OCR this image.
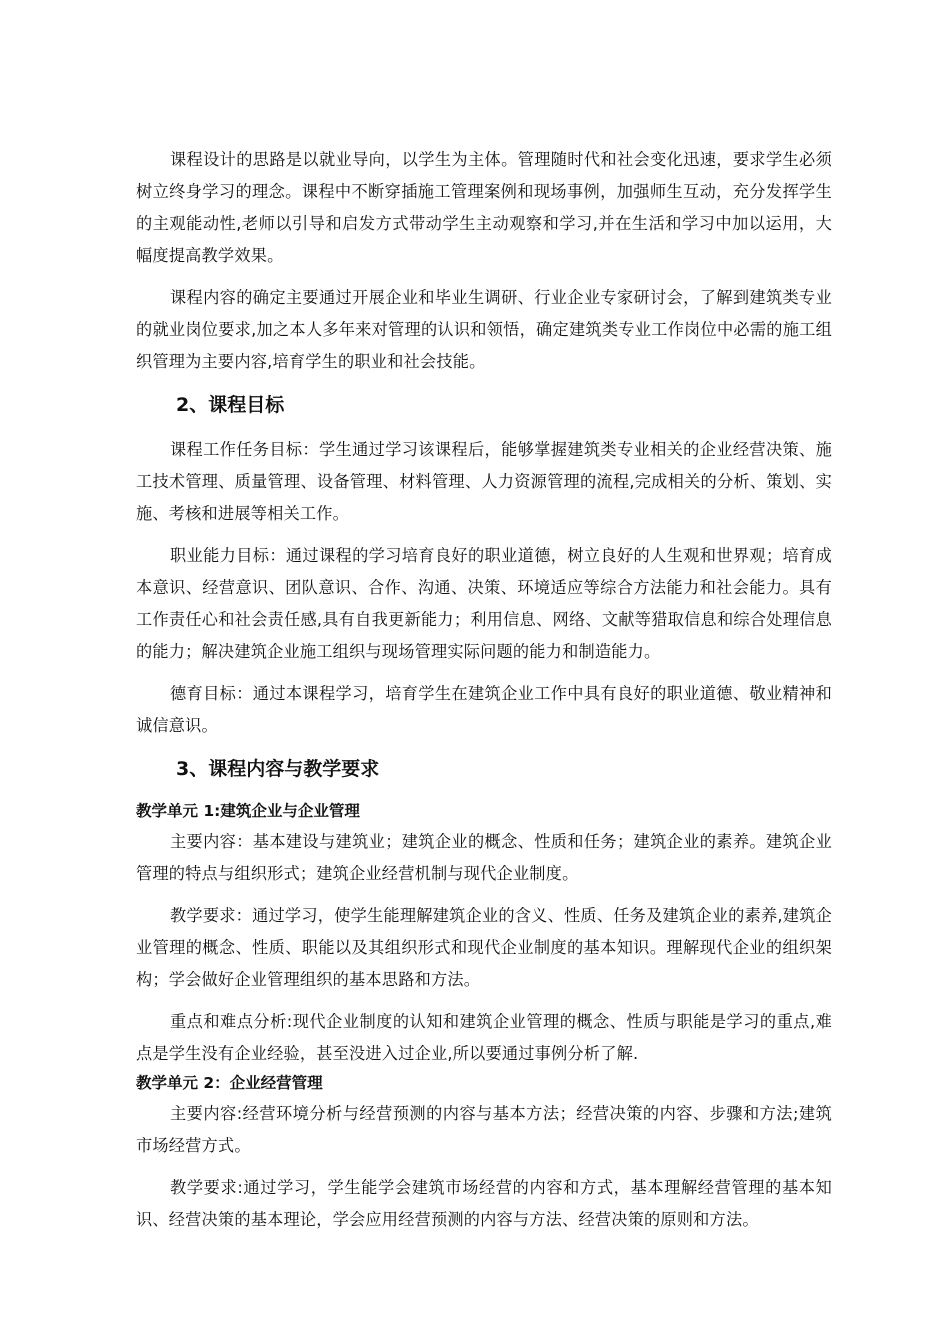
课程设计的思路是以就业导向，以学生为主体。管理随时代和社会变化迅速，要求学生必须树立终身学习的理念。课程中不断穿插施工管理案例和现场事例，加强师生互动，充分发挥学生的主观能动性,老师以引导和启发方式带动学生主动观察和学习,并在生活和学习中加以运用，大幅度提高教学效果。

课程内容的确定主要通过开展企业和毕业生调研、行业企业专家研讨会，了解到建筑类专业的就业岗位要求,加之本人多年来对管理的认识和领悟，确定建筑类专业工作岗位中必需的施工组织管理为主要内容,培育学生的职业和社会技能。

2、课程目标

课程工作任务目标：学生通过学习该课程后，能够掌握建筑类专业相关的企业经营决策、施工技术管理、质量管理、设备管理、材料管理、人力资源管理的流程,完成相关的分析、策划、实施、考核和进展等相关工作。

职业能力目标：通过课程的学习培育良好的职业道德，树立良好的人生观和世界观；培育成本意识、经营意识、团队意识、合作、沟通、决策、环境适应等综合方法能力和社会能力。具有工作责任心和社会责任感,具有自我更新能力；利用信息、网络、文献等猎取信息和综合处理信息的能力；解决建筑企业施工组织与现场管理实际问题的能力和制造能力。

德育目标：通过本课程学习，培育学生在建筑企业工作中具有良好的职业道德、敬业精神和诚信意识。

3、课程内容与教学要求
教学单元 1:建筑企业与企业管理

主要内容：基本建设与建筑业；建筑企业的概念、性质和任务；建筑企业的素养。建筑企业管理的特点与组织形式；建筑企业经营机制与现代企业制度。

教学要求：通过学习，使学生能理解建筑企业的含义、性质、任务及建筑企业的素养,建筑企业管理的概念、性质、职能以及其组织形式和现代企业制度的基本知识。理解现代企业的组织架构；学会做好企业管理组织的基本思路和方法。

重点和难点分析:现代企业制度的认知和建筑企业管理的概念、性质与职能是学习的重点,难点是学生没有企业经验，甚至没进入过企业,所以要通过事例分析了解.

教学单元 2：企业经营管理

主要内容:经营环境分析与经营预测的内容与基本方法；经营决策的内容、步骤和方法;建筑市场经营方式。

教学要求:通过学习，学生能学会建筑市场经营的内容和方式，基本理解经营管理的基本知识、经营决策的基本理论，学会应用经营预测的内容与方法、经营决策的原则和方法。
